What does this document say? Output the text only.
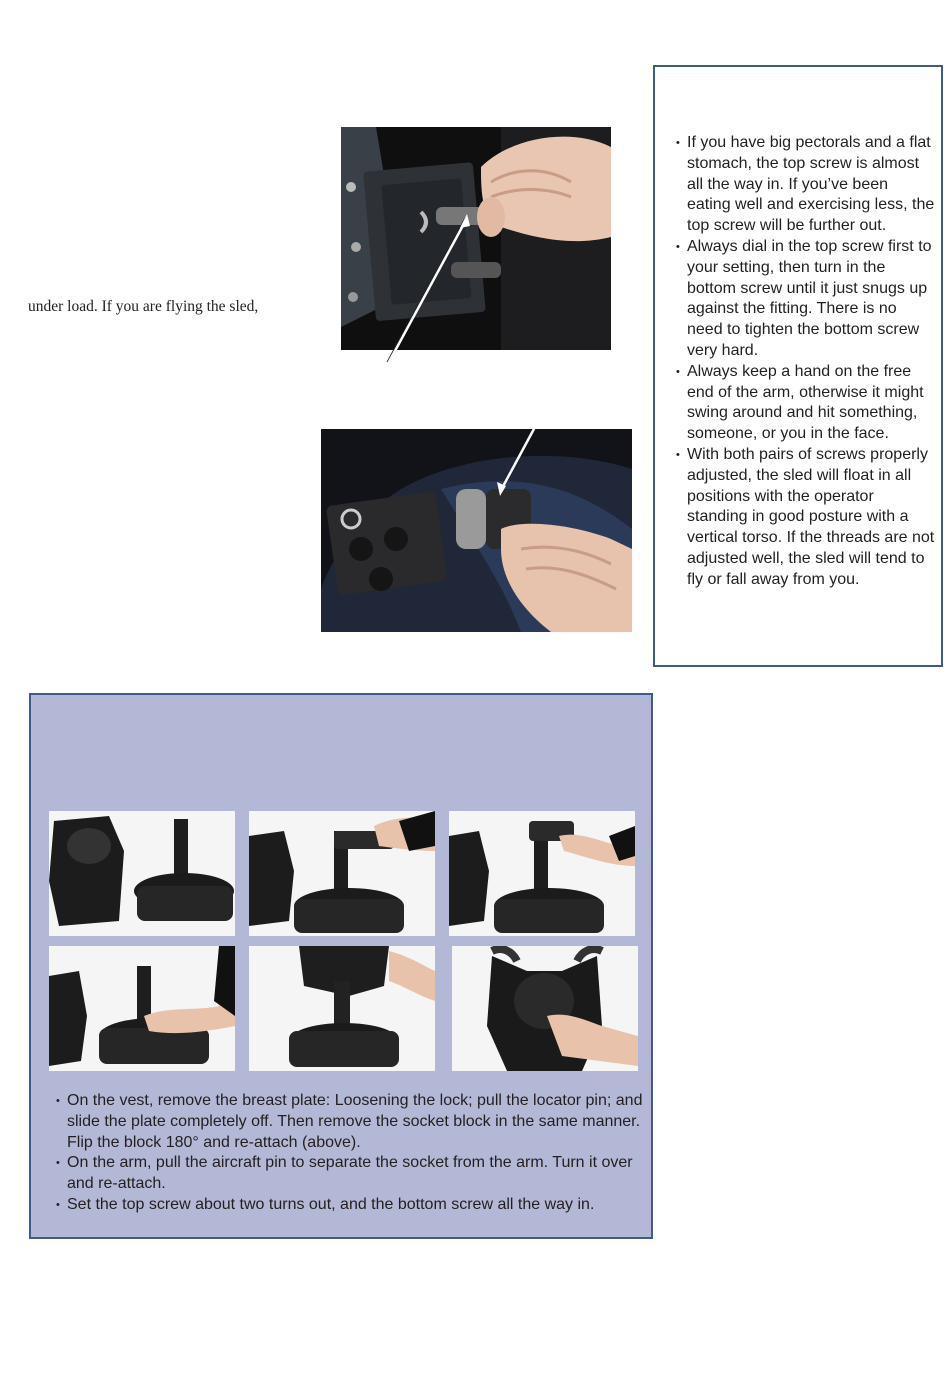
under load. If you are flying the sled,
• If you have big pectorals and a flat stomach, the top screw is almost all the way in. If you’ve been eating well and exercising less, the top screw will be further out.
• Always dial in the top screw first to your setting, then turn in the bottom screw until it just snugs up against the fitting. There is no need to tighten the bottom screw very hard.
• Always keep a hand on the free end of the arm, otherwise it might swing around and hit something, someone, or you in the face.
• With both pairs of screws properly adjusted, the sled will float in all positions with the operator standing in good posture with a vertical torso. If the threads are not adjusted well, the sled will tend to fly or fall away from you.
• On the vest, remove the breast plate: Loosening the lock; pull the locator pin; and slide the plate completely off. Then remove the socket block in the same manner. Flip the block 180° and re-attach (above).
• On the arm, pull the aircraft pin to separate the socket from the arm. Turn it over and re-attach.
• Set the top screw about two turns out, and the bottom screw all the way in.
